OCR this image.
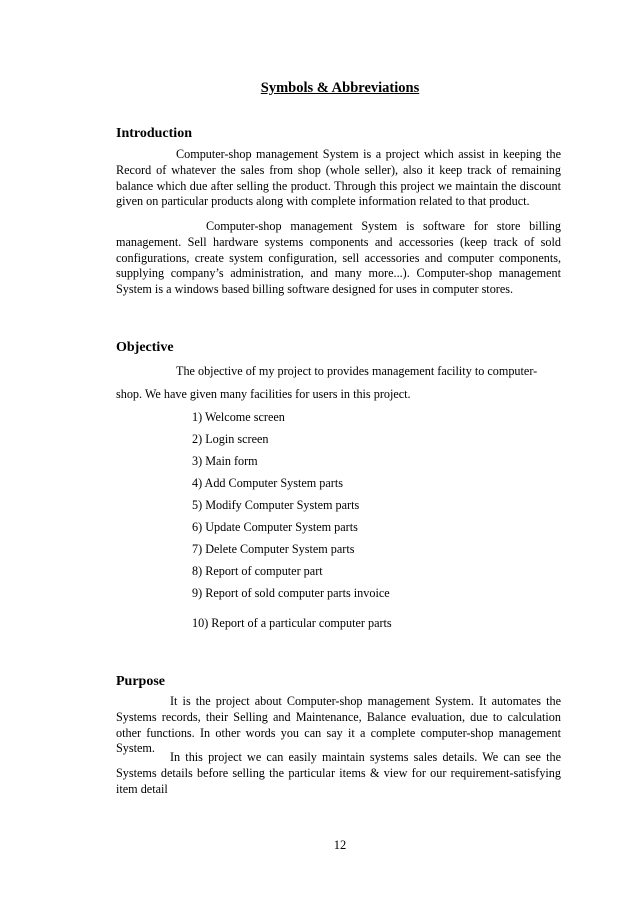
Symbols & Abbreviations
Introduction

Computer-shop management System is a project which assist in keeping the Record of whatever the sales from shop (whole seller), also it keep track of remaining balance which due after selling the product. Through this project we maintain the discount given on particular products along with complete information related to that product.

Computer-shop management System is software for store billing management. Sell hardware systems components and accessories (keep track of sold configurations, create system configuration, sell accessories and computer components, supplying company’s administration, and many more...). Computer-shop management System is a windows based billing software designed for uses in computer stores.

Objective
The objective of my project to provides management facility to computer-
shop. We have given many facilities for users in this project.
1) Welcome screen
2) Login screen
3) Main form
4) Add Computer System parts
5) Modify Computer System parts
6) Update Computer System parts
7) Delete Computer System parts
8) Report of computer part
9) Report of sold computer parts invoice
10) Report of a particular computer parts
Purpose

It is the project about Computer-shop management System. It automates the Systems records, their Selling and Maintenance, Balance evaluation, due to calculation other functions. In other words you can say it a complete computer-shop management System.

In this project we can easily maintain systems sales details. We can see the Systems details before selling the particular items & view for our requirement-satisfying item detail

12
